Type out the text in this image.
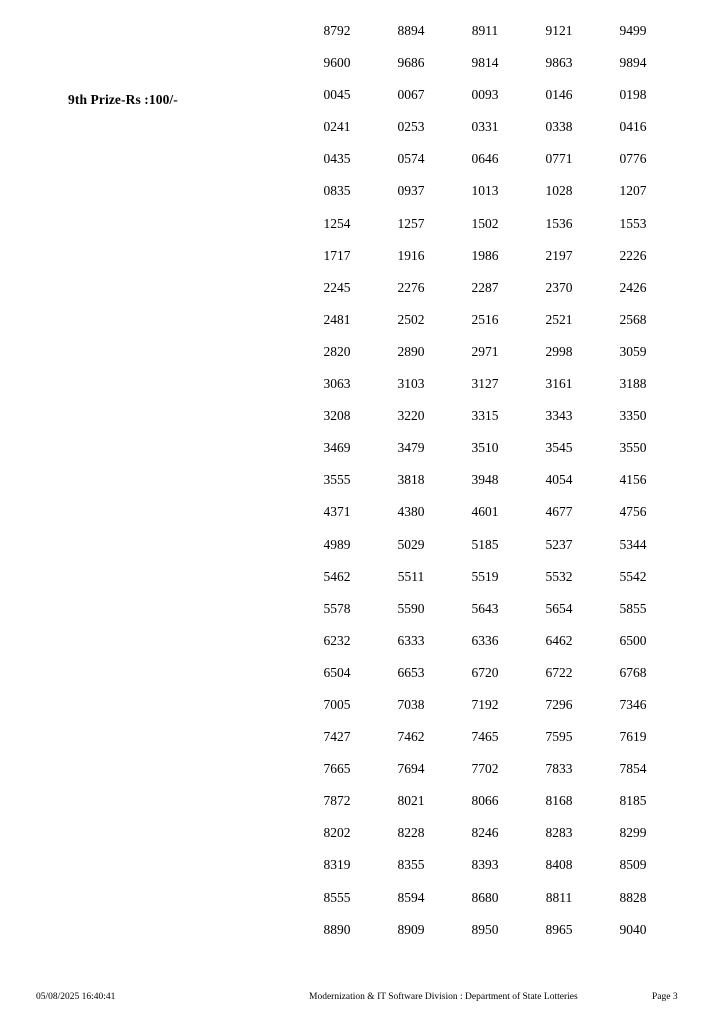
9th Prize-Rs :100/-
8792	8894	8911	9121	9499
9600	9686	9814	9863	9894
0045	0067	0093	0146	0198
0241	0253	0331	0338	0416
0435	0574	0646	0771	0776
0835	0937	1013	1028	1207
1254	1257	1502	1536	1553
1717	1916	1986	2197	2226
2245	2276	2287	2370	2426
2481	2502	2516	2521	2568
2820	2890	2971	2998	3059
3063	3103	3127	3161	3188
3208	3220	3315	3343	3350
3469	3479	3510	3545	3550
3555	3818	3948	4054	4156
4371	4380	4601	4677	4756
4989	5029	5185	5237	5344
5462	5511	5519	5532	5542
5578	5590	5643	5654	5855
6232	6333	6336	6462	6500
6504	6653	6720	6722	6768
7005	7038	7192	7296	7346
7427	7462	7465	7595	7619
7665	7694	7702	7833	7854
7872	8021	8066	8168	8185
8202	8228	8246	8283	8299
8319	8355	8393	8408	8509
8555	8594	8680	8811	8828
8890	8909	8950	8965	9040
05/08/2025 16:40:41	Modernization & IT Software Division : Department of State Lotteries	Page 3
